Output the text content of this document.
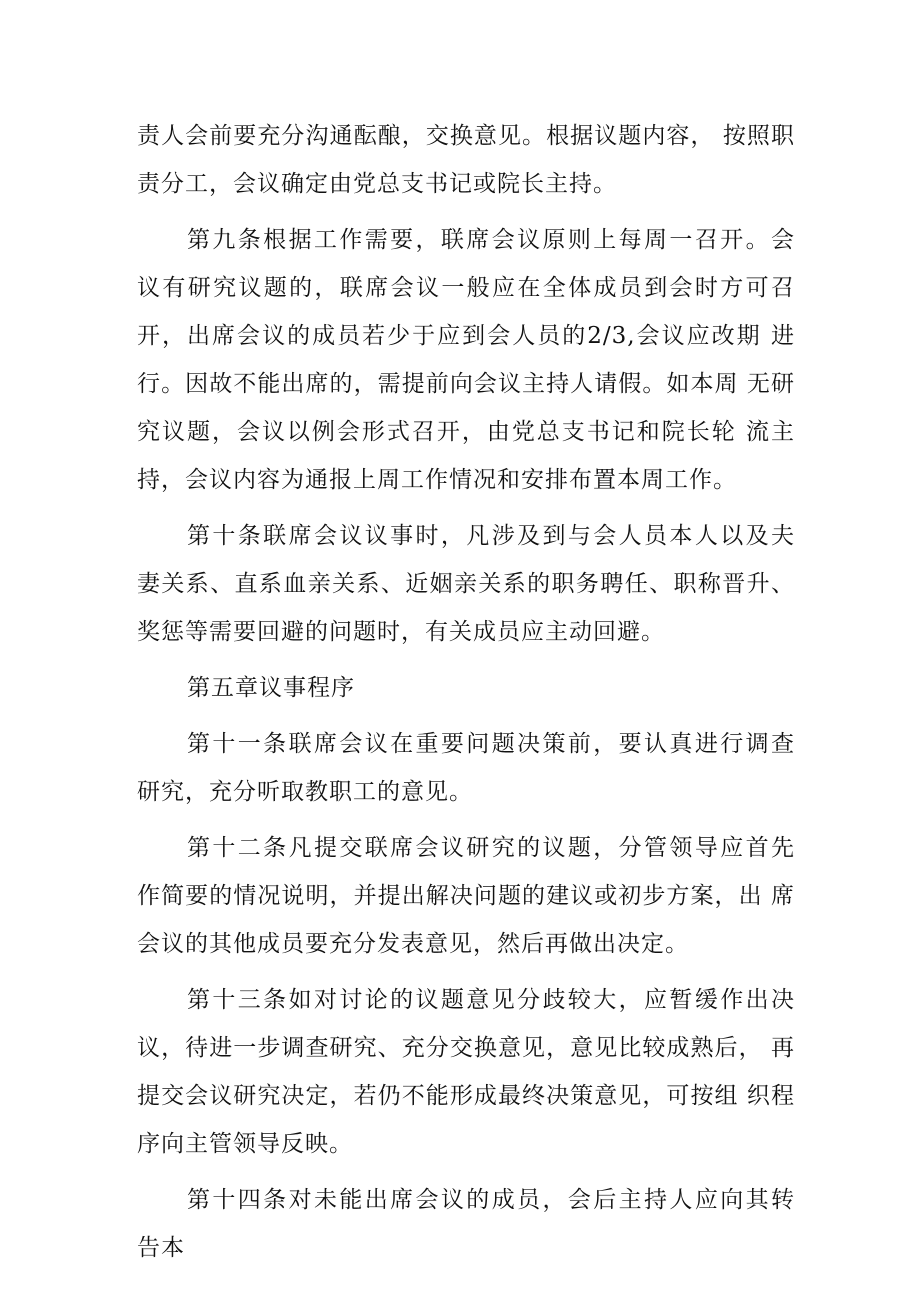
责人会前要充分沟通酝酿，交换意见。根据议题内容， 按照职责分工，会议确定由党总支书记或院长主持。

第九条根据工作需要，联席会议原则上每周一召开。会 议有研究议题的，联席会议一般应在全体成员到会时方可召 开，出席会议的成员若少于应到会人员的2/3,会议应改期 进行。因故不能出席的，需提前向会议主持人请假。如本周 无研究议题，会议以例会形式召开，由党总支书记和院长轮 流主持，会议内容为通报上周工作情况和安排布置本周工作。

第十条联席会议议事时，凡涉及到与会人员本人以及夫 妻关系、直系血亲关系、近姻亲关系的职务聘任、职称晋升、 奖惩等需要回避的问题时，有关成员应主动回避。

第五章议事程序

第十一条联席会议在重要问题决策前，要认真进行调查 研究，充分听取教职工的意见。

第十二条凡提交联席会议研究的议题，分管领导应首先 作简要的情况说明，并提出解决问题的建议或初步方案，出 席会议的其他成员要充分发表意见，然后再做出决定。

第十三条如对讨论的议题意见分歧较大，应暂缓作出决 议，待进一步调查研究、充分交换意见，意见比较成熟后， 再提交会议研究决定，若仍不能形成最终决策意见，可按组 织程序向主管领导反映。

第十四条对未能出席会议的成员，会后主持人应向其转 告本
